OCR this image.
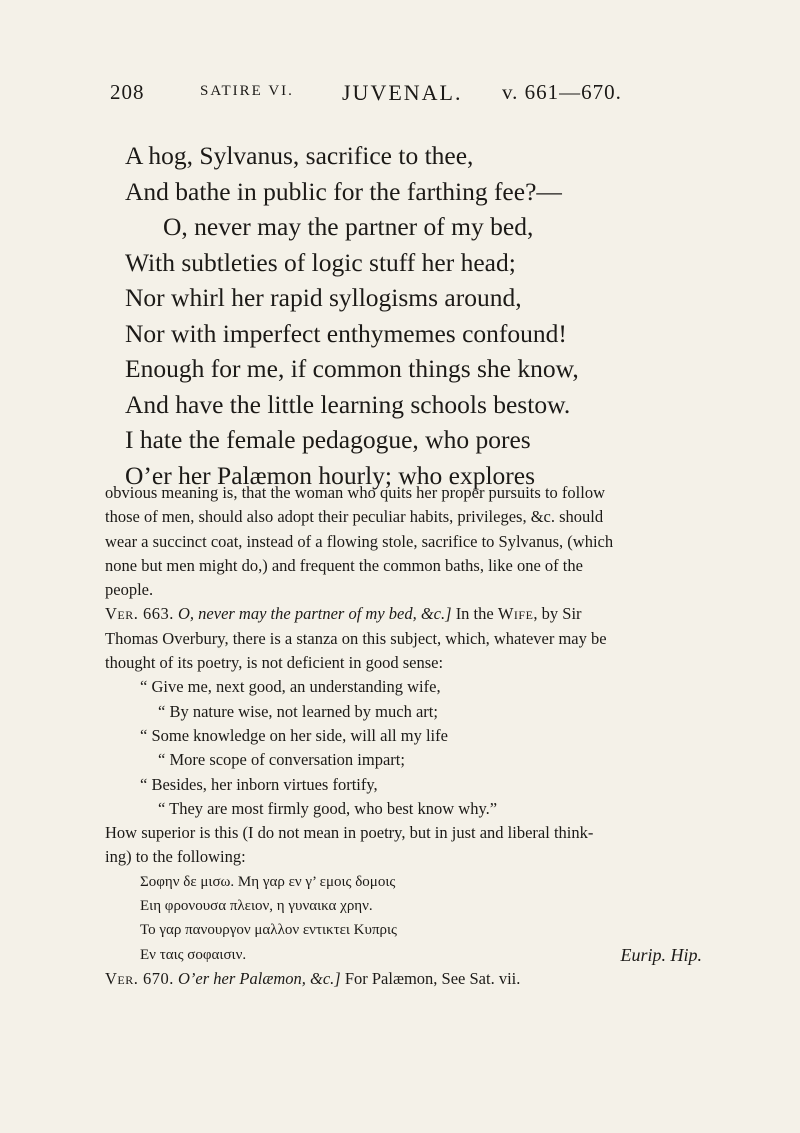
208	SATIRE VI. JUVENAL. v. 661—670.
A hog, Sylvanus, sacrifice to thee,
And bathe in public for the farthing fee?—
O, never may the partner of my bed,
With subtleties of logic stuff her head;
Nor whirl her rapid syllogisms around,
Nor with imperfect enthymemes confound!
Enough for me, if common things she know,
And have the little learning schools bestow.
I hate the female pedagogue, who pores
O’er her Palæmon hourly; who explores
obvious meaning is, that the woman who quits her proper pursuits to follow
those of men, should also adopt their peculiar habits, privileges, &c. should
wear a succinct coat, instead of a flowing stole, sacrifice to Sylvanus, (which
none but men might do,) and frequent the common baths, like one of the
people.
Ver. 663. O, never may the partner of my bed, &c.] In the Wife, by Sir
Thomas Overbury, there is a stanza on this subject, which, whatever may be
thought of its poetry, is not deficient in good sense:
“ Give me, next good, an understanding wife,
“ By nature wise, not learned by much art;
“ Some knowledge on her side, will all my life
“ More scope of conversation impart;
“ Besides, her inborn virtues fortify,
“ They are most firmly good, who best know why.”
How superior is this (I do not mean in poetry, but in just and liberal think-
ing) to the following:
Σοφην δε μισω. Μη γαρ εν γ’ εμοις δομοις
Ειη φρονουσα πλειον, η γυναικα χρην.
Το γαρ πανουργον μαλλον εντικτει Κυπρις
Εν ταις σοφαισιν.	Eurip. Hip.
Ver. 670. O’er her Palæmon, &c.] For Palæmon, See Sat. vii.
